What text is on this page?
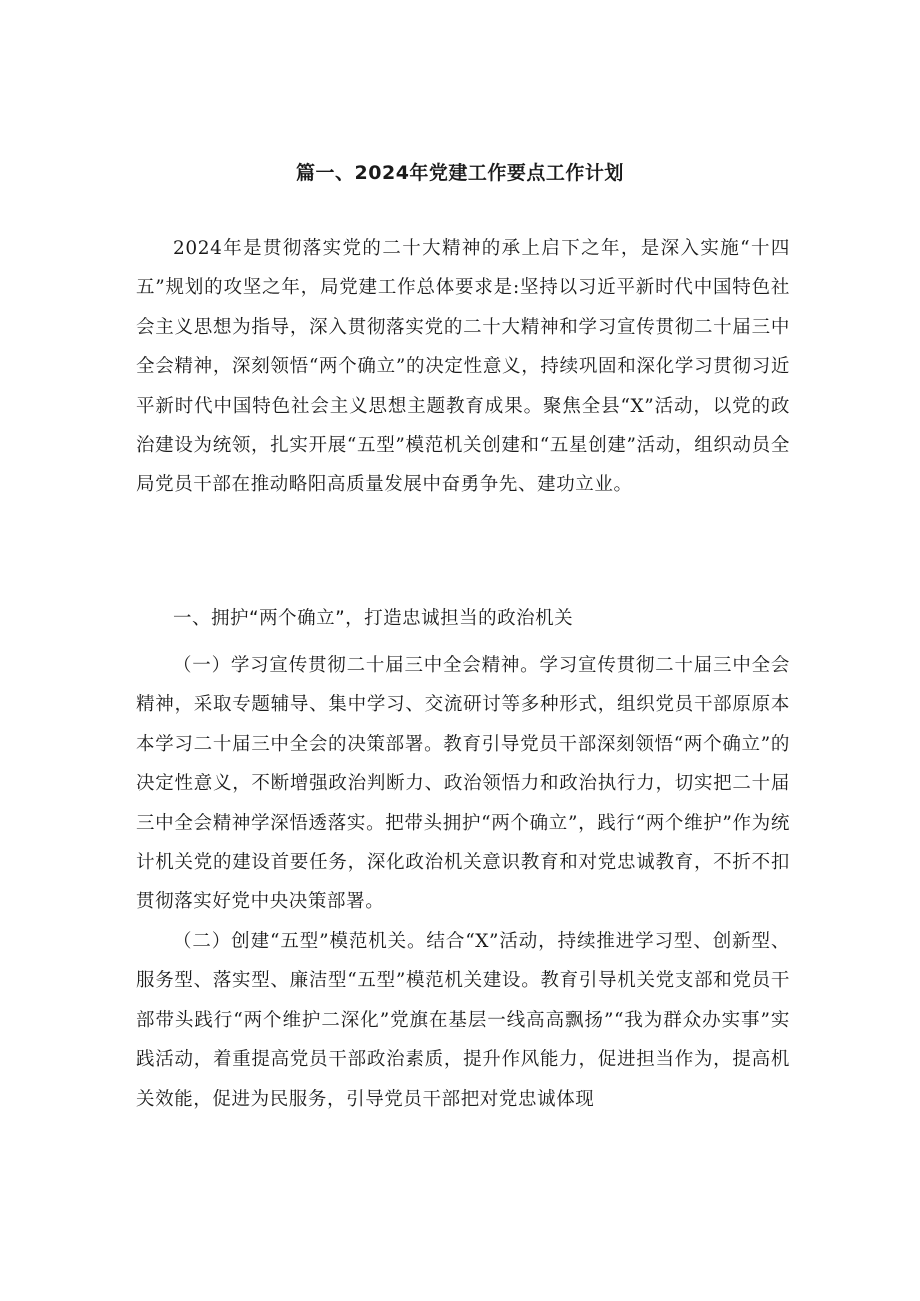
篇一、2024年党建工作要点工作计划

2024年是贯彻落实党的二十大精神的承上启下之年，是深入实施“十四五”规划的攻坚之年，局党建工作总体要求是:坚持以习近平新时代中国特色社会主义思想为指导，深入贯彻落实党的二十大精神和学习宣传贯彻二十届三中全会精神，深刻领悟“两个确立”的决定性意义，持续巩固和深化学习贯彻习近平新时代中国特色社会主义思想主题教育成果。聚焦全县“X”活动，以党的政治建设为统领，扎实开展“五型”模范机关创建和“五星创建”活动，组织动员全局党员干部在推动略阳高质量发展中奋勇争先、建功立业。

一、拥护“两个确立”，打造忠诚担当的政治机关

（一）学习宣传贯彻二十届三中全会精神。学习宣传贯彻二十届三中全会精神，采取专题辅导、集中学习、交流研讨等多种形式，组织党员干部原原本本学习二十届三中全会的决策部署。教育引导党员干部深刻领悟“两个确立”的决定性意义，不断增强政治判断力、政治领悟力和政治执行力，切实把二十届三中全会精神学深悟透落实。把带头拥护“两个确立”，践行“两个维护”作为统计机关党的建设首要任务，深化政治机关意识教育和对党忠诚教育，不折不扣贯彻落实好党中央决策部署。

（二）创建“五型”模范机关。结合“X”活动，持续推进学习型、创新型、服务型、落实型、廉洁型“五型”模范机关建设。教育引导机关党支部和党员干部带头践行“两个维护二深化”党旗在基层一线高高飘扬”“我为群众办实事”实践活动，着重提高党员干部政治素质，提升作风能力，促进担当作为，提高机关效能，促进为民服务，引导党员干部把对党忠诚体现
